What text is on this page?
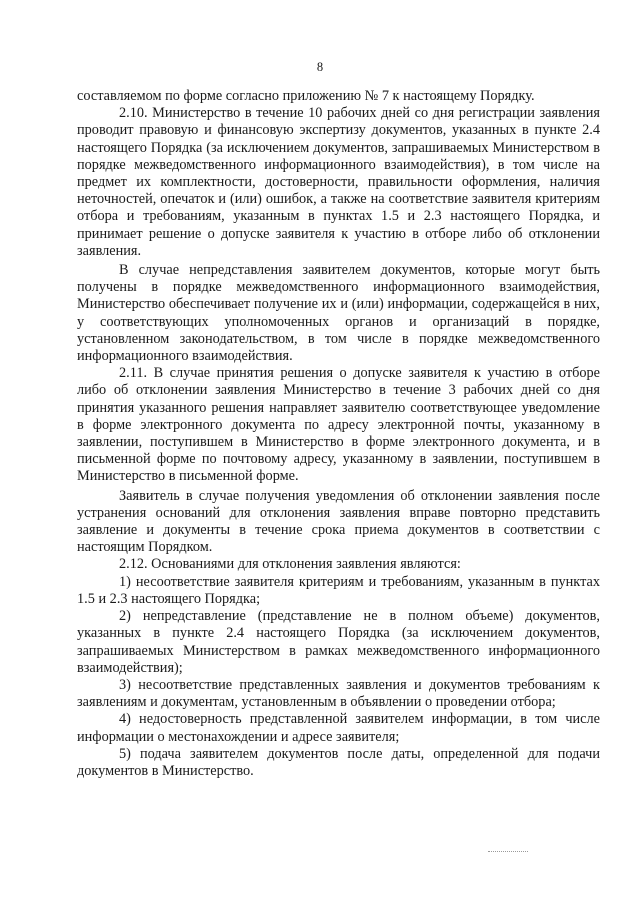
8

составляемом по форме согласно приложению № 7 к настоящему Порядку.

2.10. Министерство в течение 10 рабочих дней со дня регистрации заявления проводит правовую и финансовую экспертизу документов, указанных в пункте 2.4 настоящего Порядка (за исключением документов, запрашиваемых Министерством в порядке межведомственного информационного взаимодействия), в том числе на предмет их комплектности, достоверности, правильности оформления, наличия неточностей, опечаток и (или) ошибок, а также на соответствие заявителя критериям отбора и требованиям, указанным в пунктах 1.5 и 2.3 настоящего Порядка, и принимает решение о допуске заявителя к участию в отборе либо об отклонении заявления.

В случае непредставления заявителем документов, которые могут быть получены в порядке межведомственного информационного взаимодействия, Министерство обеспечивает получение их и (или) информации, содержащейся в них, у соответствующих уполномоченных органов и организаций в порядке, установленном законодательством, в том числе в порядке межведомственного информационного взаимодействия.

2.11. В случае принятия решения о допуске заявителя к участию в отборе либо об отклонении заявления Министерство в течение 3 рабочих дней со дня принятия указанного решения направляет заявителю соответствующее уведомление в форме электронного документа по адресу электронной почты, указанному в заявлении, поступившем в Министерство в форме электронного документа, и в письменной форме по почтовому адресу, указанному в заявлении, поступившем в Министерство в письменной форме.

Заявитель в случае получения уведомления об отклонении заявления после устранения оснований для отклонения заявления вправе повторно представить заявление и документы в течение срока приема документов в соответствии с настоящим Порядком.

2.12. Основаниями для отклонения заявления являются:

1) несоответствие заявителя критериям и требованиям, указанным в пунктах 1.5 и 2.3 настоящего Порядка;

2) непредставление (представление не в полном объеме) документов, указанных в пункте 2.4 настоящего Порядка (за исключением документов, запрашиваемых Министерством в рамках межведомственного информационного взаимодействия);

3) несоответствие представленных заявления и документов требованиям к заявлениям и документам, установленным в объявлении о проведении отбора;

4) недостоверность представленной заявителем информации, в том числе информации о местонахождении и адресе заявителя;

5) подача заявителем документов после даты, определенной для подачи документов в Министерство.
